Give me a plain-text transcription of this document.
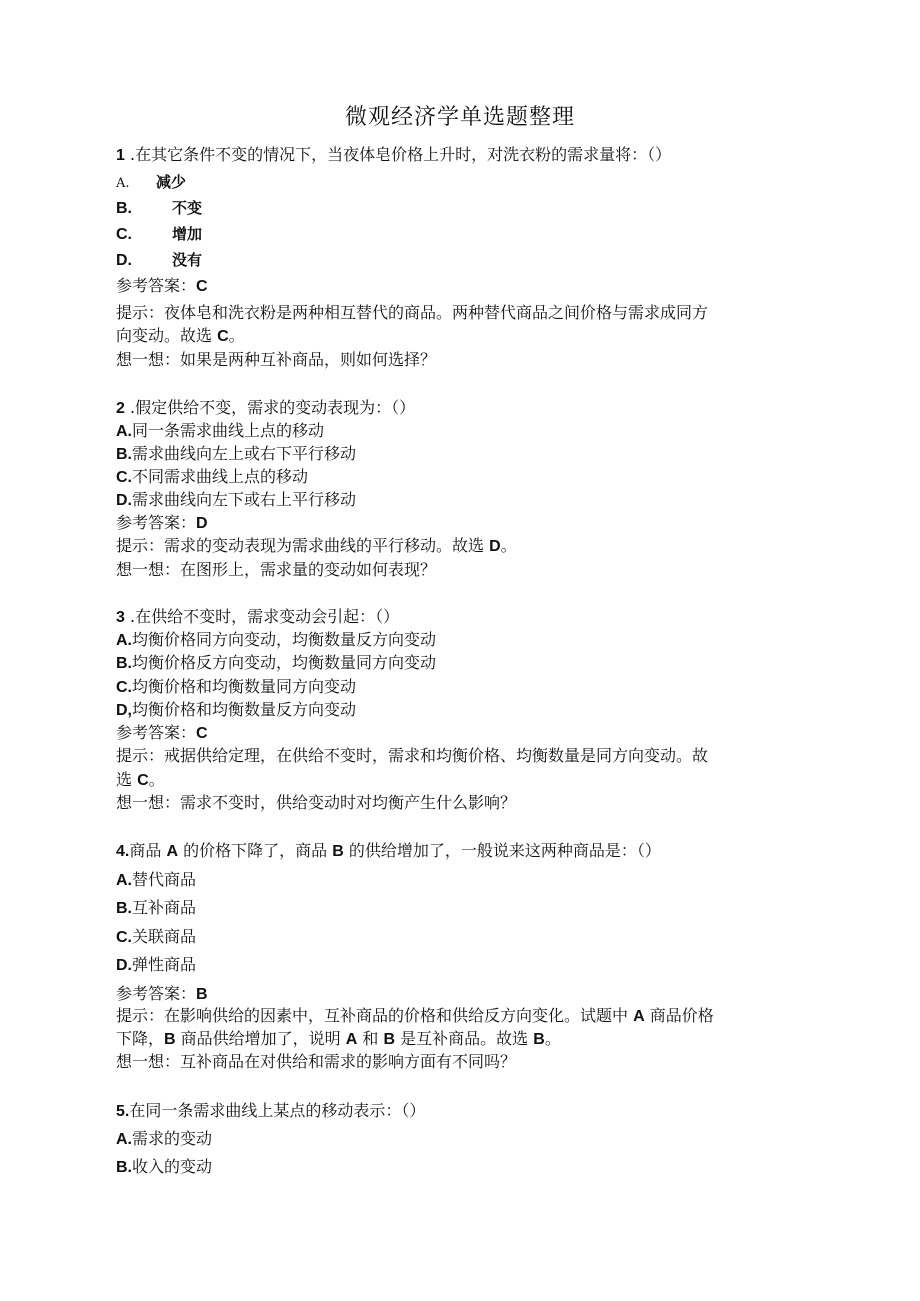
微观经济学单选题整理
1 .在其它条件不变的情况下，当夜体皂价格上升时，对洗衣粉的需求量将：（）
A. 减少
B.	不变
C.	增加
D.	没有
参考答案：C
提示：夜体皂和洗衣粉是两种相互替代的商品。两种替代商品之间价格与需求成同方
向变动。故选 C。
想一想：如果是两种互补商品，则如何选择？
2 .假定供给不变，需求的变动表现为：（）
A.同一条需求曲线上点的移动
B.需求曲线向左上或右下平行移动
C.不同需求曲线上点的移动
D.需求曲线向左下或右上平行移动
参考答案：D
提示：需求的变动表现为需求曲线的平行移动。故选 D。
想一想：在图形上，需求量的变动如何表现？
3 .在供给不变时，需求变动会引起：（）
A.均衡价格同方向变动，均衡数量反方向变动
B.均衡价格反方向变动，均衡数量同方向变动
C.均衡价格和均衡数量同方向变动
D,均衡价格和均衡数量反方向变动
参考答案：C
提示：戒据供给定理，在供给不变时，需求和均衡价格、均衡数量是同方向变动。故
选 C。
想一想：需求不变时，供给变动时对均衡产生什么影响？
4.商品 A 的价格下降了，商品 B 的供给增加了，一般说来这两种商品是：（）
A.替代商品
B.互补商品
C.关联商品
D.弹性商品
参考答案：B
提示：在影响供给的因素中，互补商品的价格和供给反方向变化。试题中 A 商品价格
下降，B 商品供给增加了，说明 A 和 B 是互补商品。故选 B。
想一想：互补商品在对供给和需求的影响方面有不同吗？
5.在同一条需求曲线上某点的移动表示：（）
A.需求的变动
B.收入的变动
